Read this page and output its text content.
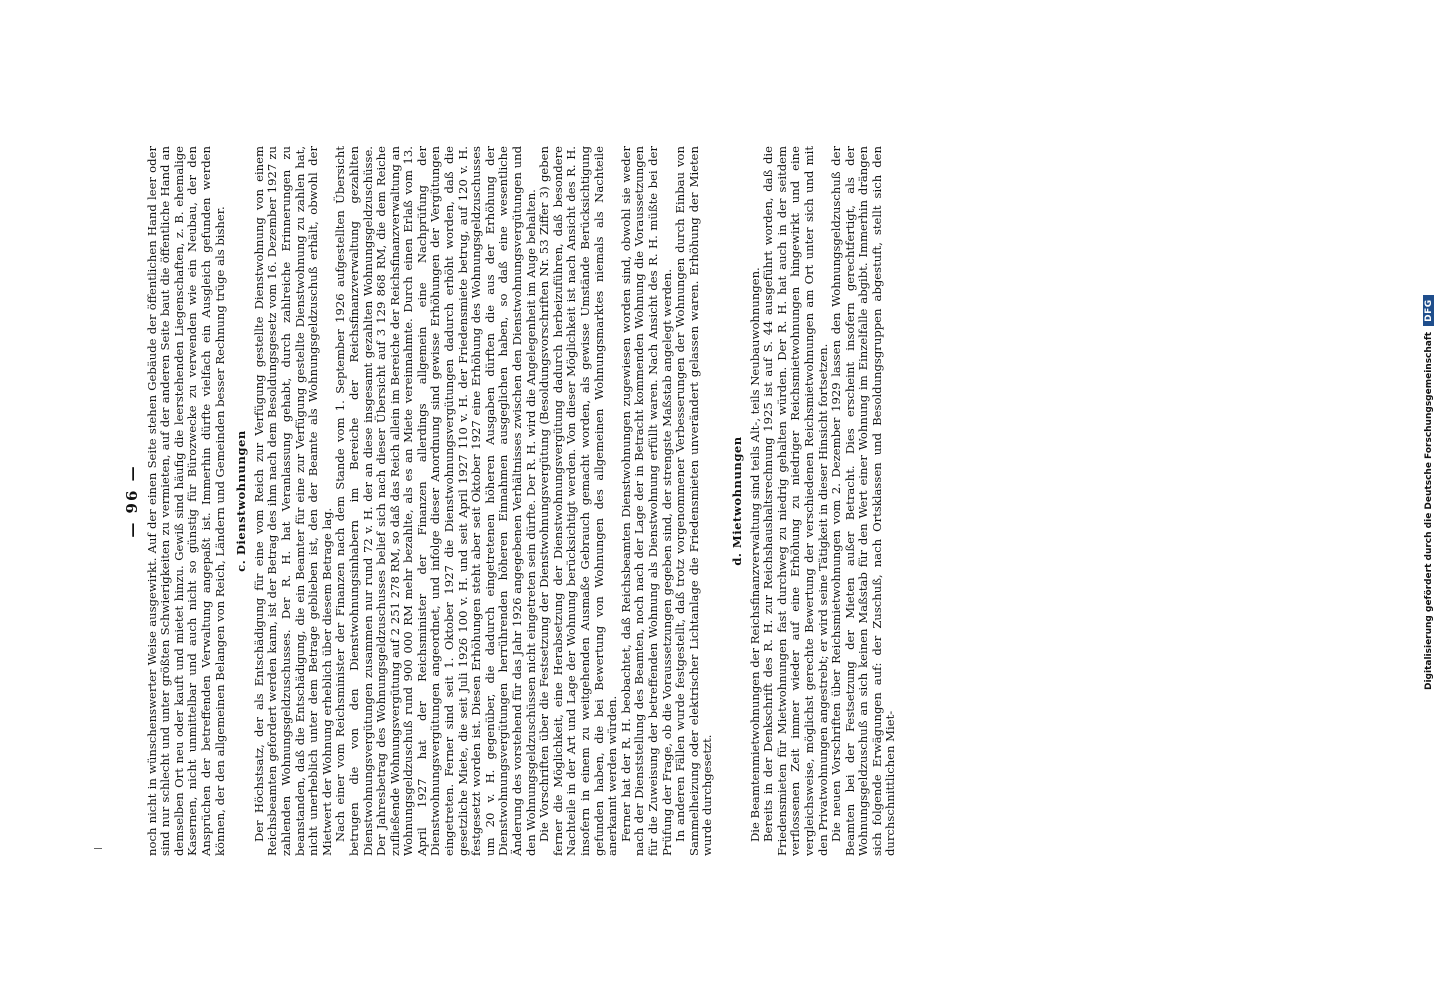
— 96 — noch nicht in wünschenswerter Weise ausgewirkt. Auf der einen Seite stehen Gebäude der öffentlichen Hand leer oder sind nur schlecht und unter größten Schwierigkeiten zu vermieten, auf der anderen Seite baut die öffentliche Hand an demselben Ort neu oder kauft und mietet hinzu. Gewiß sind häufig die leerstehenden Liegenschaften, z. B. ehemalige Kasernen, nicht unmittelbar und auch nicht so günstig für Bürozwecke zu verwenden wie ein Neubau, der den Ansprüchen der betreffenden Verwaltung angepaßt ist. Immerhin dürfte vielfach ein Ausgleich gefunden werden können, der den allgemeinen Belangen von Reich, Ländern und Gemeinden besser Rechnung trüge als bisher. c. Dienstwohnungen Der Höchstsatz, der als Entschädigung für eine vom Reich zur Verfügung gestellte Dienstwohnung von einem Reichsbeamten gefordert werden kann, ist der Betrag des ihm nach dem Besoldungsgesetz vom 16. Dezember 1927 zu zahlenden Wohnungsgeldzuschusses. Der R. H. hat Veranlassung gehabt, durch zahlreiche Erinnerungen zu beanstanden, daß die Entschädigung, die ein Beamter für eine zur Verfügung gestellte Dienstwohnung zu zahlen hat, nicht unerheblich unter dem Betrage geblieben ist, den der Beamte als Wohnungsgeldzuschuß erhält, obwohl der Mietwert der Wohnung erheblich über diesem Betrage lag. Nach einer vom Reichsminister der Finanzen nach dem Stande vom 1. September 1926 aufgestellten Übersicht betrugen die von den Dienstwohnungsinhabern im Bereiche der Reichsfinanzverwaltung gezahlten Dienstwohnungsvergütungen zusammen nur rund 72 v. H. der an diese insgesamt gezahlten Wohnungsgeldzuschüsse. Der Jahresbetrag des Wohnungsgeldzuschusses belief sich nach dieser Übersicht auf 3 129 868 RM, die dem Reiche zufließende Wohnungsvergütung auf 2 251 278 RM, so daß das Reich allein im Bereiche der Reichsfinanzverwaltung an Wohnungsgeldzuschuß rund 900 000 RM mehr bezahlte, als es an Miete vereinnahmte. Durch einen Erlaß vom 13. April 1927 hat der Reichsminister der Finanzen allerdings allgemein eine Nachprüfung der Dienstwohnungsvergütungen angeordnet, und infolge dieser Anordnung sind gewisse Erhöhungen der Vergütungen eingetreten. Ferner sind seit 1. Oktober 1927 die Dienstwohnungsvergütungen dadurch erhöht worden, daß die gesetzliche Miete, die seit Juli 1926 100 v. H. und seit April 1927 110 v. H. der Friedensmiete betrug, auf 120 v. H. festgesetzt worden ist. Diesen Erhöhungen steht aber seit Oktober 1927 eine Erhöhung des Wohnungsgeldzuschusses um 20 v. H. gegenüber, die dadurch eingetretenen höheren Ausgaben dürften die aus der Erhöhung der Dienstwohnungsvergütungen herrührenden höheren Einnahmen ausgeglichen haben, so daß eine wesentliche Änderung des vorstehend für das Jahr 1926 angegebenen Verhältnisses zwischen den Dienstwohnungsvergütungen und den Wohnungsgeldzuschüssen nicht eingetreten sein dürfte. Der R. H. wird die Angelegenheit im Auge behalten. Die Vorschriften über die Festsetzung der Dienstwohnungsvergütung (Besoldungsvorschriften Nr. 53 Ziffer 3) geben ferner die Möglichkeit, eine Herabsetzung der Dienstwohnungsvergütung dadurch herbeizuführen, daß besondere Nachteile in der Art und Lage der Wohnung berücksichtigt werden. Von dieser Möglichkeit ist nach Ansicht des R. H. insofern in einem zu weitgehenden Ausmaße Gebrauch gemacht worden, als gewisse Umstände Berücksichtigung gefunden haben, die bei Bewertung von Wohnungen des allgemeinen Wohnungsmarktes niemals als Nachteile anerkannt werden würden. Ferner hat der R. H. beobachtet, daß Reichsbeamten Dienstwohnungen zugewiesen worden sind, obwohl sie weder nach der Dienststellung des Beamten, noch nach der Lage der in Betracht kommenden Wohnung die Voraussetzungen für die Zuweisung der betreffenden Wohnung als Dienstwohnung erfüllt waren. Nach Ansicht des R. H. müßte bei der Prüfung der Frage, ob die Voraussetzungen gegeben sind, der strengste Maßstab angelegt werden. In anderen Fällen wurde festgestellt, daß trotz vorgenommener Verbesserungen der Wohnungen durch Einbau von Sammelheizung oder elektrischer Lichtanlage die Friedensmieten unverändert gelassen waren. Erhöhung der Mieten wurde durchgesetzt.

d. Mietwohnungen Die Beamtenmietwohnungen der Reichsfinanzverwaltung sind teils Alt-, teils Neubauwohnungen. Bereits in der Denkschrift des R. H. zur Reichshaushaltsrechnung 1925 ist auf S. 44 ausgeführt worden, daß die Friedensmieten für Mietwohnungen fast durchweg zu niedrig gehalten würden. Der R. H. hat auch in der seitdem verflossenen Zeit immer wieder auf eine Erhöhung zu niedriger Reichsmietwohnungen hingewirkt und eine vergleichsweise, möglichst gerechte Bewertung der verschiedenen Reichsmietwohnungen am Ort unter sich und mit den Privatwohnungen angestrebt; er wird seine Tätigkeit in dieser Hinsicht fortsetzen. Die neuen Vorschriften über Reichsmietwohnungen vom 2. Dezember 1929 lassen den Wohnungsgeldzuschuß der Beamten bei der Festsetzung der Mieten außer Betracht. Dies erscheint insofern gerechtfertigt, als der Wohnungsgeldzuschuß an sich keinen Maßstab für den Wert einer Wohnung im Einzelfalle abgibt. Immerhin drängen sich folgende Erwägungen auf: der Zuschuß, nach Ortsklassen und Besoldungsgruppen abgestuft, stellt sich den durchschnittlichen Miet-

Digitalisierung gefördert durch die Deutsche Forschungsgemeinschaft
DFG
